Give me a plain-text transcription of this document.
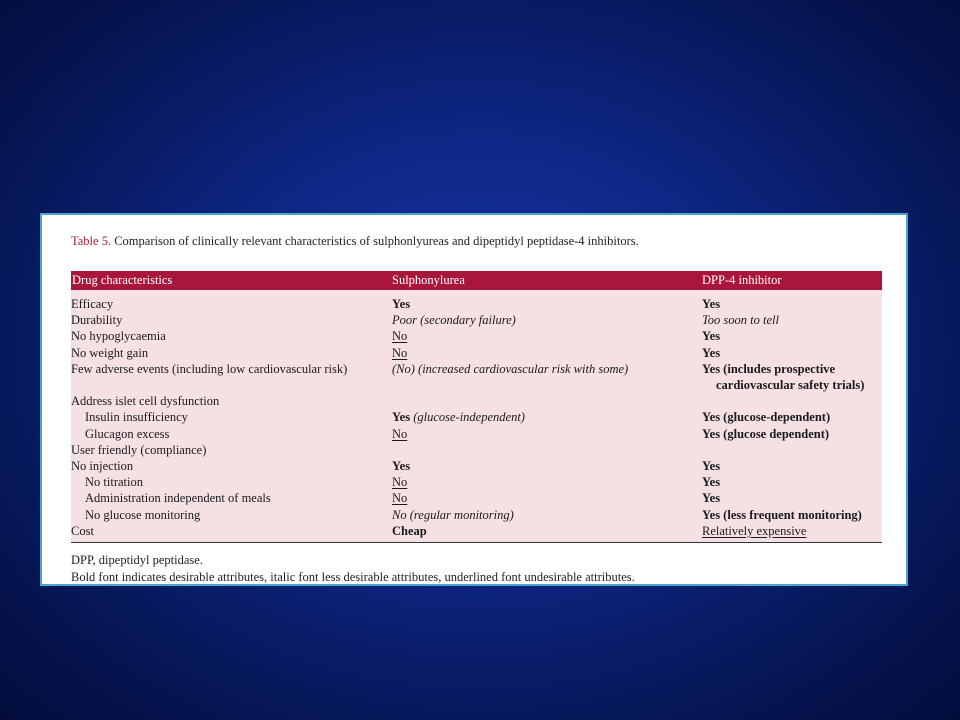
Table 5. Comparison of clinically relevant characteristics of sulphonlyureas and dipeptidyl peptidase-4 inhibitors.
Drug characteristics	Sulphonylurea	DPP-4 inhibitor
Efficacy	Yes	Yes
Durability	Poor (secondary failure)	Too soon to tell
No hypoglycaemia	No	Yes
No weight gain	No	Yes
Few adverse events (including low cardiovascular risk)	(No) (increased cardiovascular risk with some)	Yes (includes prospective
cardiovascular safety trials)
Address islet cell dysfunction
Insulin insufficiency	Yes (glucose-independent)	Yes (glucose-dependent)
Glucagon excess	No	Yes (glucose dependent)
User friendly (compliance)
No injection	Yes	Yes
No titration	No	Yes
Administration independent of meals	No	Yes
No glucose monitoring	No (regular monitoring)	Yes (less frequent monitoring)
Cost	Cheap	Relatively expensive
DPP, dipeptidyl peptidase.
Bold font indicates desirable attributes, italic font less desirable attributes, underlined font undesirable attributes.
